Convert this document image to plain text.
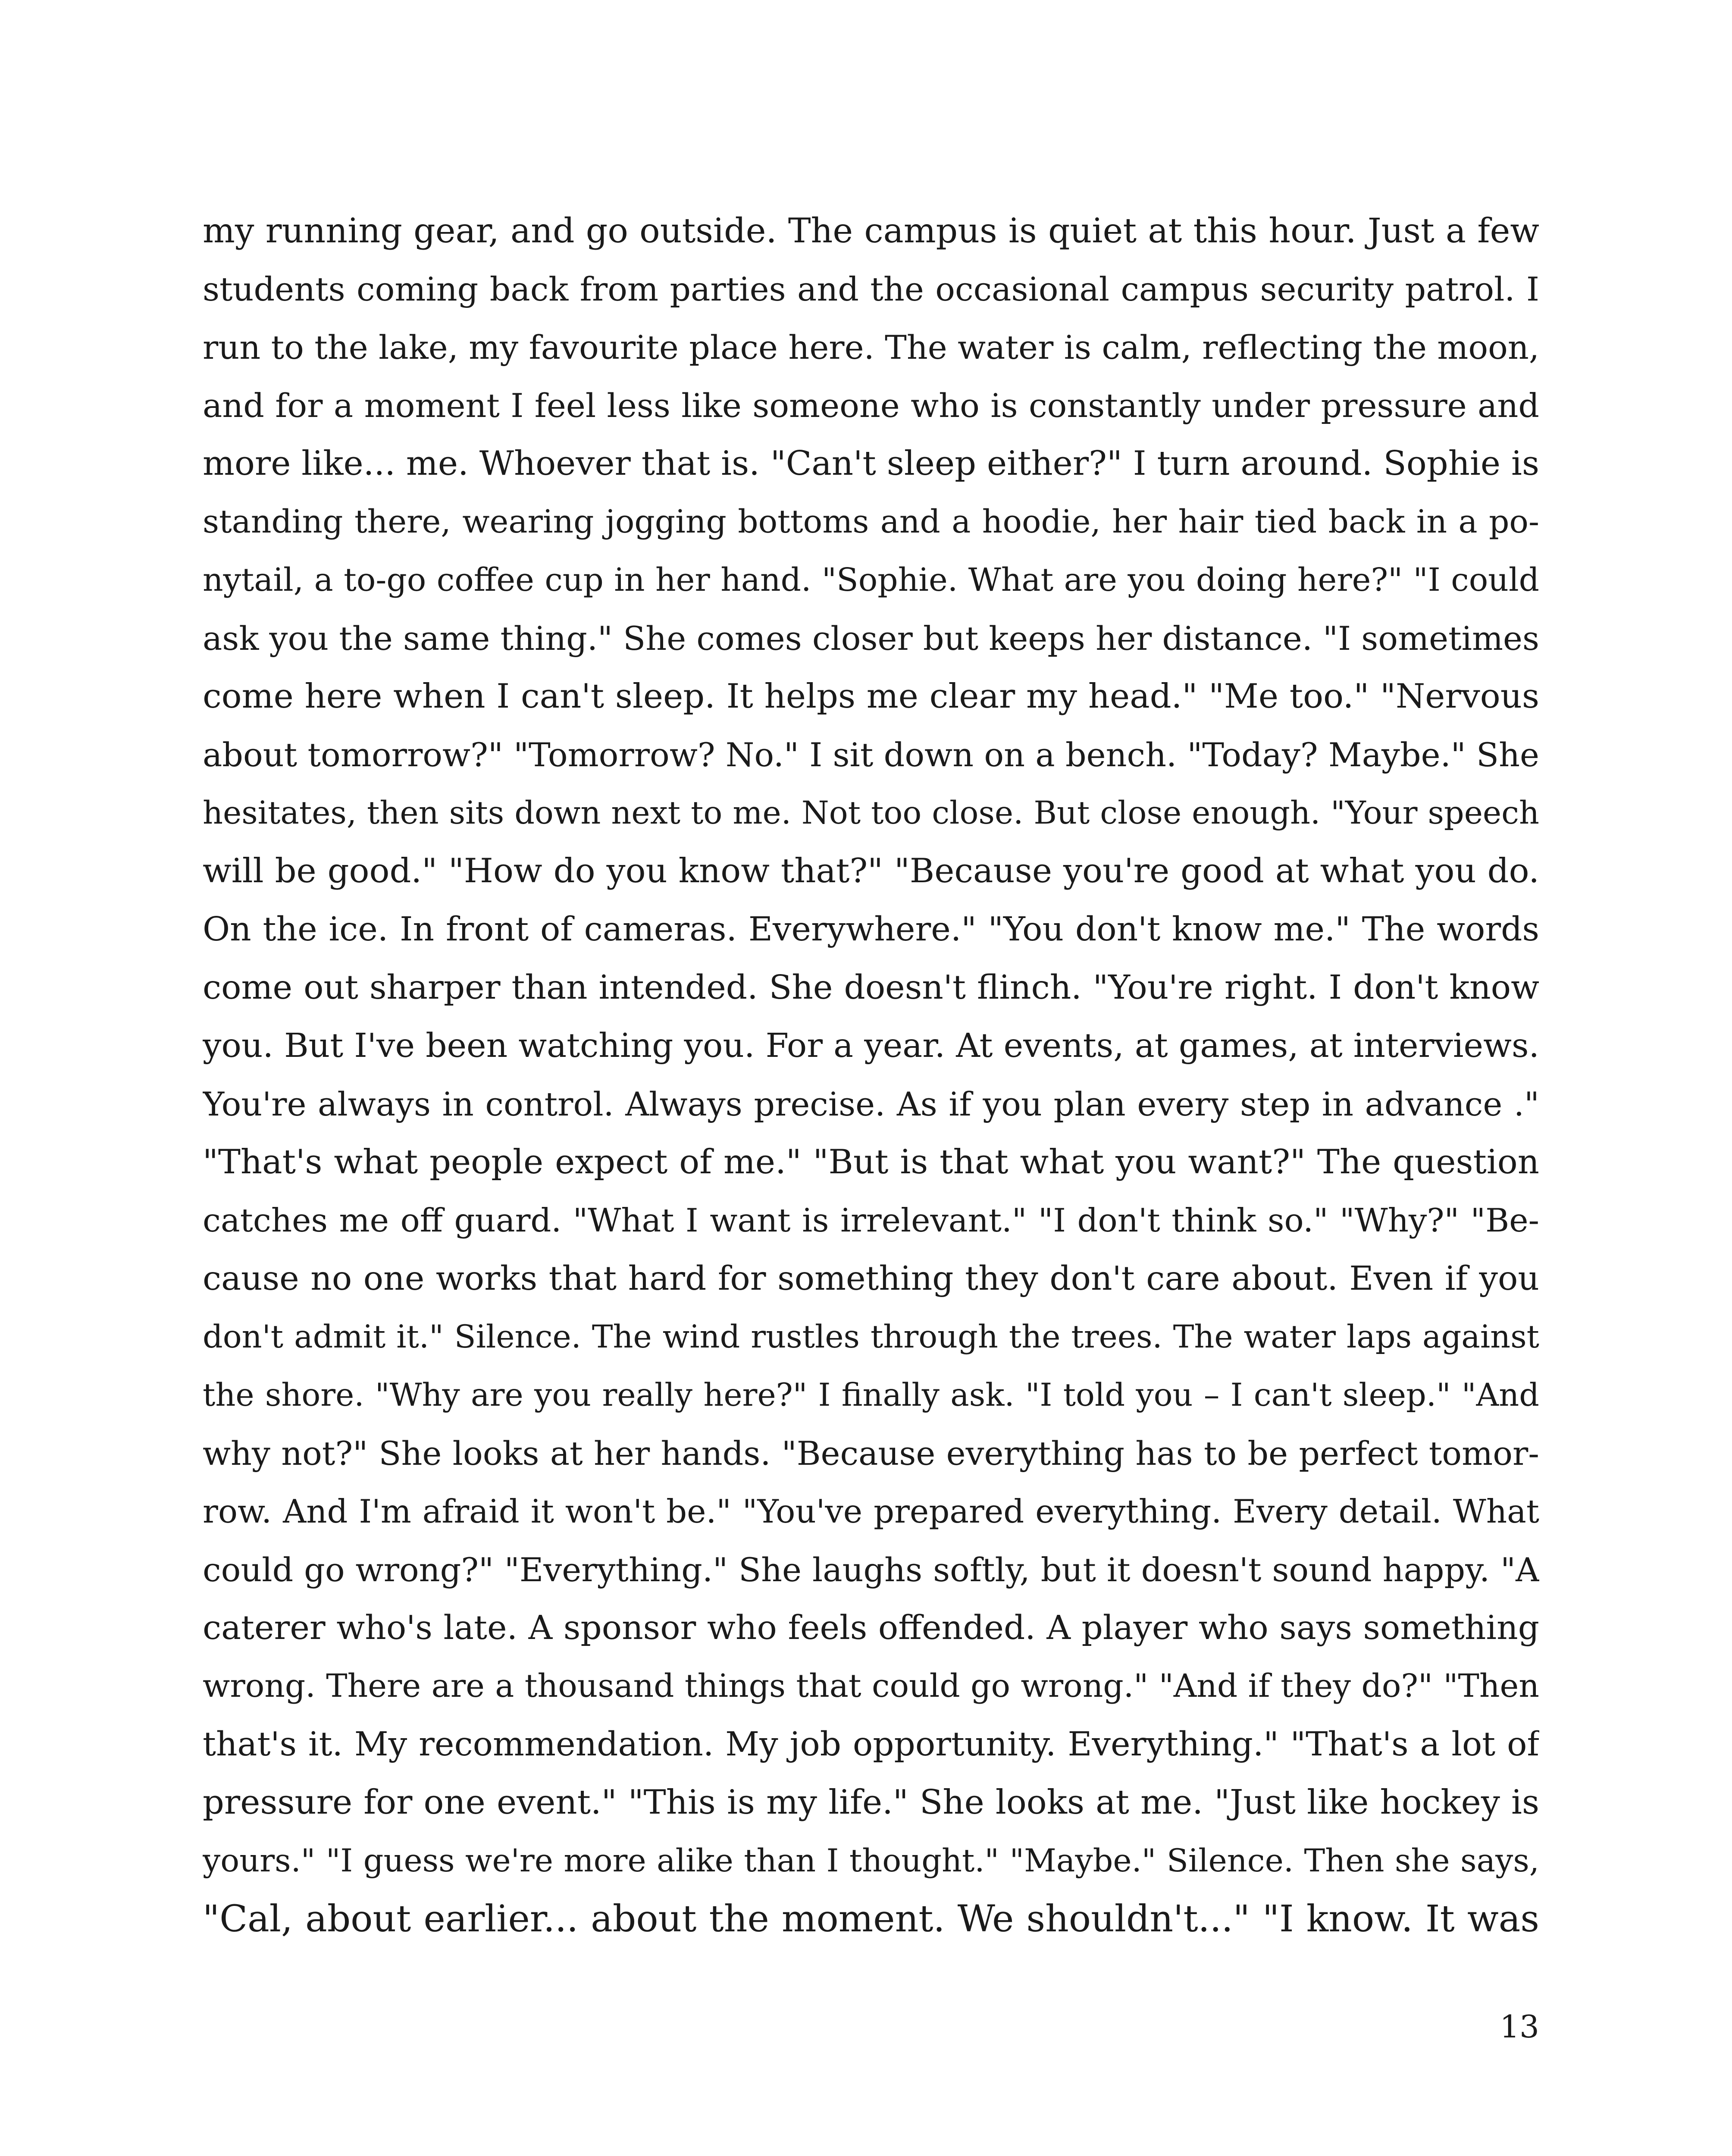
my running gear, and go outside. The campus is quiet at this hour. Just a few
students coming back from parties and the occasional campus security patrol. I
run to the lake, my favourite place here. The water is calm, reflecting the moon,
and for a moment I feel less like someone who is constantly under pressure and
more like... me. Whoever that is. "Can't sleep either?" I turn around. Sophie is
standing there, wearing jogging bottoms and a hoodie, her hair tied back in a po-
nytail, a to-go coffee cup in her hand. "Sophie. What are you doing here?" "I could
ask you the same thing." She comes closer but keeps her distance. "I sometimes
come here when I can't sleep. It helps me clear my head." "Me too." "Nervous
about tomorrow?" "Tomorrow? No." I sit down on a bench. "Today? Maybe." She
hesitates, then sits down next to me. Not too close. But close enough. "Your speech
will be good." "How do you know that?" "Because you're good at what you do.
On the ice. In front of cameras. Everywhere." "You don't know me." The words
come out sharper than intended. She doesn't flinch. "You're right. I don't know
you. But I've been watching you. For a year. At events, at games, at interviews.
You're always in control. Always precise. As if you plan every step in advance ."
"That's what people expect of me." "But is that what you want?" The question
catches me off guard. "What I want is irrelevant." "I don't think so." "Why?" "Be-
cause no one works that hard for something they don't care about. Even if you
don't admit it." Silence. The wind rustles through the trees. The water laps against
the shore. "Why are you really here?" I finally ask. "I told you – I can't sleep." "And
why not?" She looks at her hands. "Because everything has to be perfect tomor-
row. And I'm afraid it won't be." "You've prepared everything. Every detail. What
could go wrong?" "Everything." She laughs softly, but it doesn't sound happy. "A
caterer who's late. A sponsor who feels offended. A player who says something
wrong. There are a thousand things that could go wrong." "And if they do?" "Then
that's it. My recommendation. My job opportunity. Everything." "That's a lot of
pressure for one event." "This is my life." She looks at me. "Just like hockey is
yours." "I guess we're more alike than I thought." "Maybe." Silence. Then she says,
"Cal, about earlier... about the moment. We shouldn't..." "I know. It was
13
